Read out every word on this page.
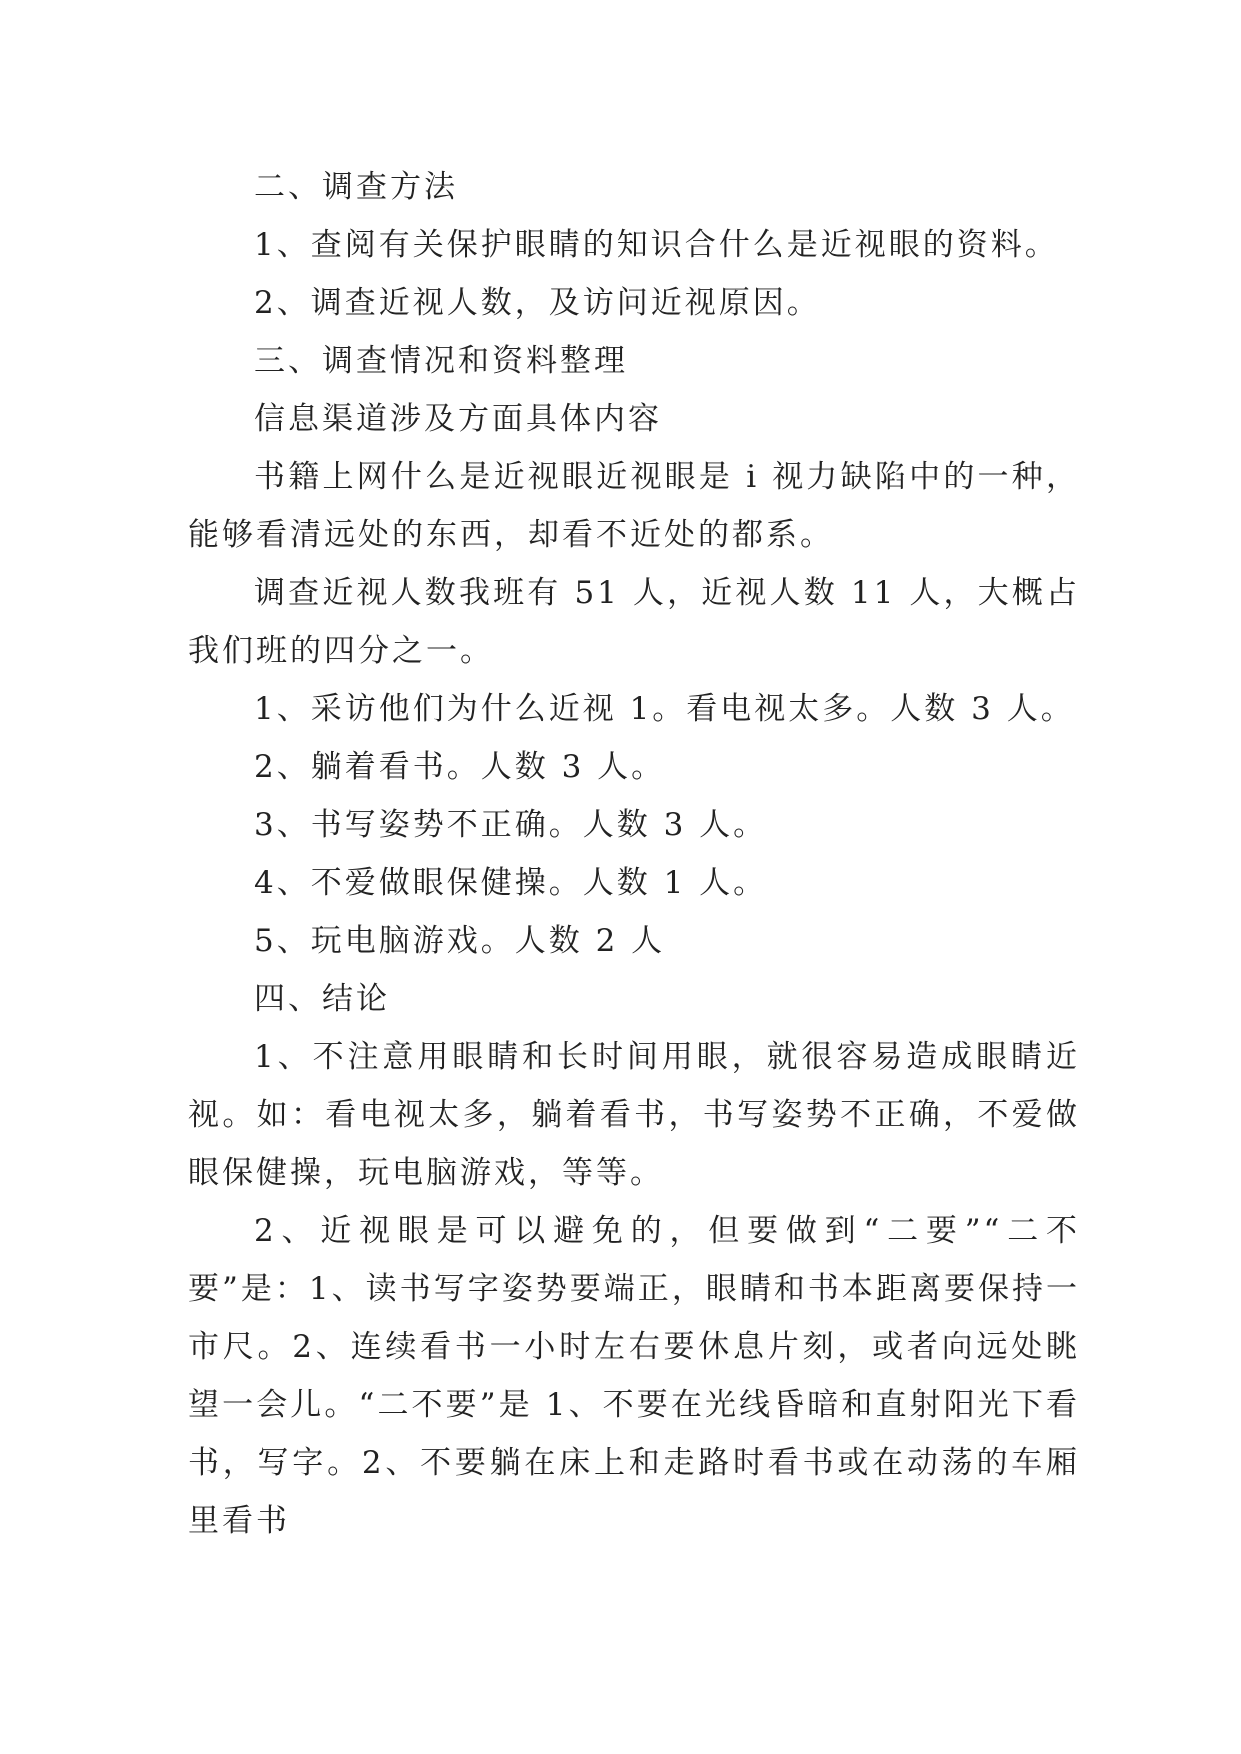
二、调查方法

1、查阅有关保护眼睛的知识合什么是近视眼的资料。

2、调查近视人数，及访问近视原因。

三、调查情况和资料整理

信息渠道涉及方面具体内容

书籍上网什么是近视眼近视眼是 i 视力缺陷中的一种，能够看清远处的东西，却看不近处的都系。

调查近视人数我班有 51 人，近视人数 11 人，大概占我们班的四分之一。

1、采访他们为什么近视 1。看电视太多。人数 3 人。

2、躺着看书。人数 3 人。

3、书写姿势不正确。人数 3 人。

4、不爱做眼保健操。人数 1 人。

5、玩电脑游戏。人数 2 人

四、结论

1、不注意用眼睛和长时间用眼，就很容易造成眼睛近视。如：看电视太多，躺着看书，书写姿势不正确，不爱做眼保健操，玩电脑游戏，等等。

2、近视眼是可以避免的，但要做到“二要”“二不要”是：1、读书写字姿势要端正，眼睛和书本距离要保持一市尺。2、连续看书一小时左右要休息片刻，或者向远处眺望一会儿。“二不要”是 1、不要在光线昏暗和直射阳光下看书，写字。2、不要躺在床上和走路时看书或在动荡的车厢里看书
